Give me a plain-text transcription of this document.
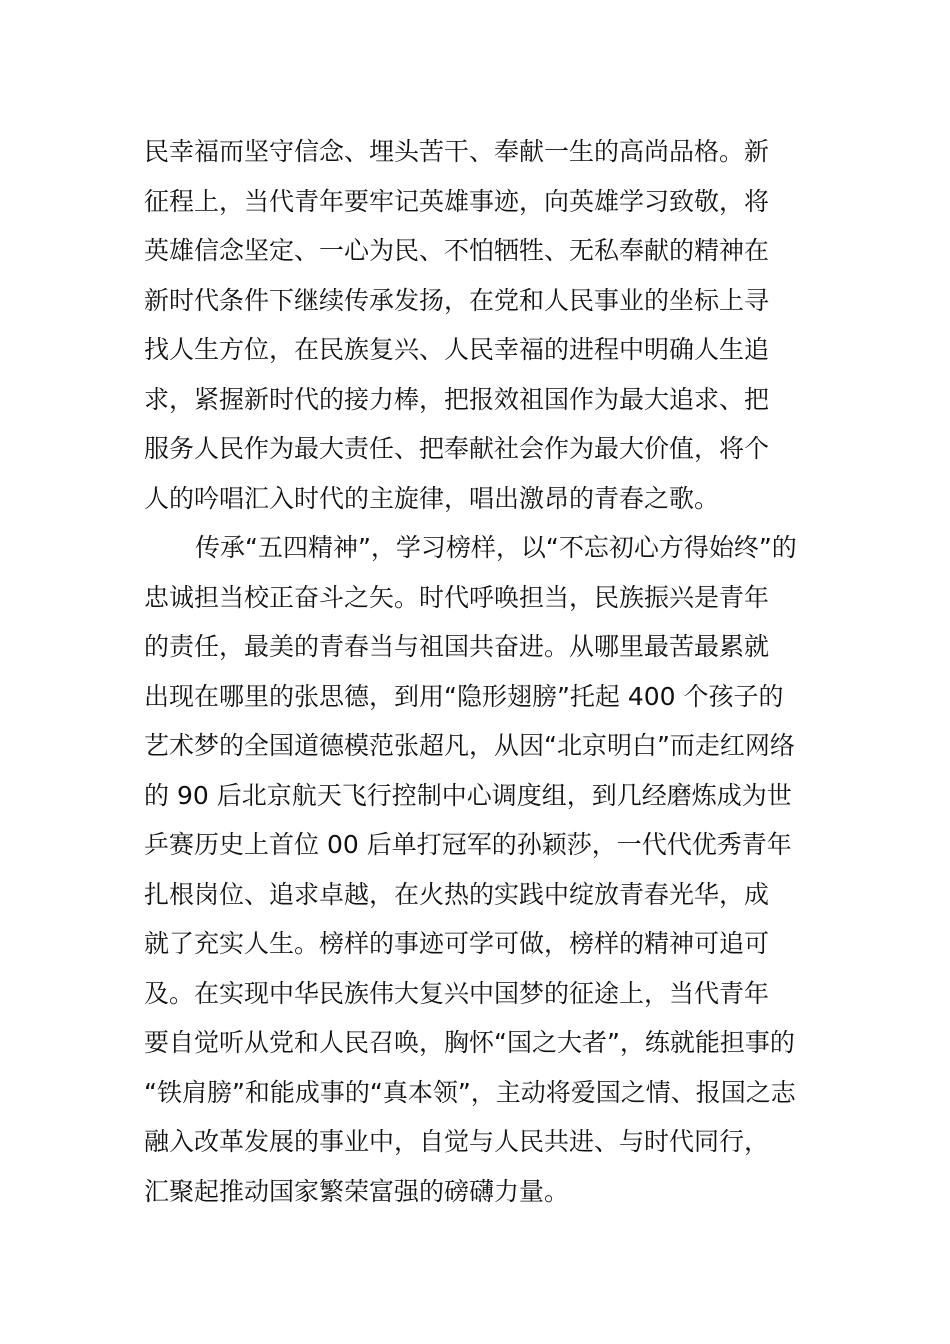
民幸福而坚守信念、埋头苦干、奉献一生的高尚品格。新
征程上，当代青年要牢记英雄事迹，向英雄学习致敬，将
英雄信念坚定、一心为民、不怕牺牲、无私奉献的精神在
新时代条件下继续传承发扬，在党和人民事业的坐标上寻
找人生方位，在民族复兴、人民幸福的进程中明确人生追
求，紧握新时代的接力棒，把报效祖国作为最大追求、把
服务人民作为最大责任、把奉献社会作为最大价值，将个
人的吟唱汇入时代的主旋律，唱出激昂的青春之歌。
传承“五四精神”，学习榜样，以“不忘初心方得始终”的
忠诚担当校正奋斗之矢。时代呼唤担当，民族振兴是青年
的责任，最美的青春当与祖国共奋进。从哪里最苦最累就
出现在哪里的张思德，到用“隐形翅膀”托起 400 个孩子的
艺术梦的全国道德模范张超凡，从因“北京明白”而走红网络
的 90 后北京航天飞行控制中心调度组，到几经磨炼成为世
乒赛历史上首位 00 后单打冠军的孙颖莎，一代代优秀青年
扎根岗位、追求卓越，在火热的实践中绽放青春光华，成
就了充实人生。榜样的事迹可学可做，榜样的精神可追可
及。在实现中华民族伟大复兴中国梦的征途上，当代青年
要自觉听从党和人民召唤，胸怀“国之大者”，练就能担事的
“铁肩膀”和能成事的“真本领”，主动将爱国之情、报国之志
融入改革发展的事业中，自觉与人民共进、与时代同行，
汇聚起推动国家繁荣富强的磅礴力量。
